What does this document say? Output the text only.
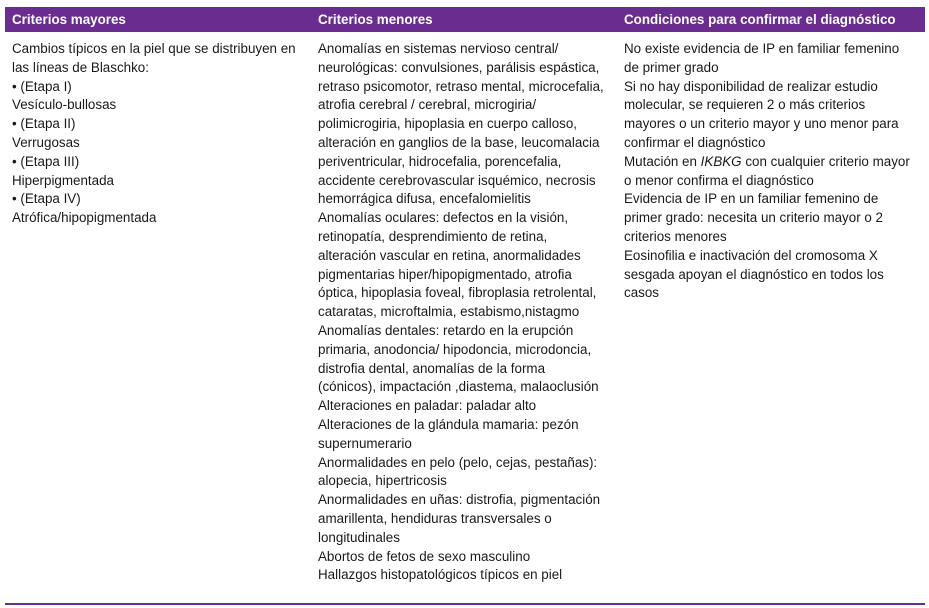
Criterios mayores	Criterios menores	Condiciones para confirmar el diagnóstico
Cambios típicos en la piel que se distribuyen en
las líneas de Blaschko:
• (Etapa I)
Vesículo-bullosas
• (Etapa II)
Verrugosas
• (Etapa III)
Hiperpigmentada
• (Etapa IV)
Atrófica/hipopigmentada
Anomalías en sistemas nervioso central/
neurológicas: convulsiones, parálisis espástica,
retraso psicomotor, retraso mental, microcefalia,
atrofia cerebral / cerebral, microgiria/
polimicrogiria, hipoplasia en cuerpo calloso,
alteración en ganglios de la base, leucomalacia
periventricular, hidrocefalia, porencefalia,
accidente cerebrovascular isquémico, necrosis
hemorrágica difusa, encefalomielitis
Anomalías oculares: defectos en la visión,
retinopatía, desprendimiento de retina,
alteración vascular en retina, anormalidades
pigmentarias hiper/hipopigmentado, atrofia
óptica, hipoplasia foveal, fibroplasia retrolental,
cataratas, microftalmia, estabismo,nistagmo
Anomalías dentales: retardo en la erupción
primaria, anodoncia/ hipodoncia, microdoncia,
distrofia dental, anomalías de la forma
(cónicos), impactación ,diastema, malaoclusión
Alteraciones en paladar: paladar alto
Alteraciones de la glándula mamaria: pezón
supernumerario
Anormalidades en pelo (pelo, cejas, pestañas):
alopecia, hipertricosis
Anormalidades en uñas: distrofia, pigmentación
amarillenta, hendiduras transversales o
longitudinales
Abortos de fetos de sexo masculino
Hallazgos histopatológicos típicos en piel
No existe evidencia de IP en familiar femenino
de primer grado
Si no hay disponibilidad de realizar estudio
molecular, se requieren 2 o más criterios
mayores o un criterio mayor y uno menor para
confirmar el diagnóstico
Mutación en IKBKG con cualquier criterio mayor
o menor confirma el diagnóstico
Evidencia de IP en un familiar femenino de
primer grado: necesita un criterio mayor o 2
criterios menores
Eosinofilia e inactivación del cromosoma X
sesgada apoyan el diagnóstico en todos los
casos
